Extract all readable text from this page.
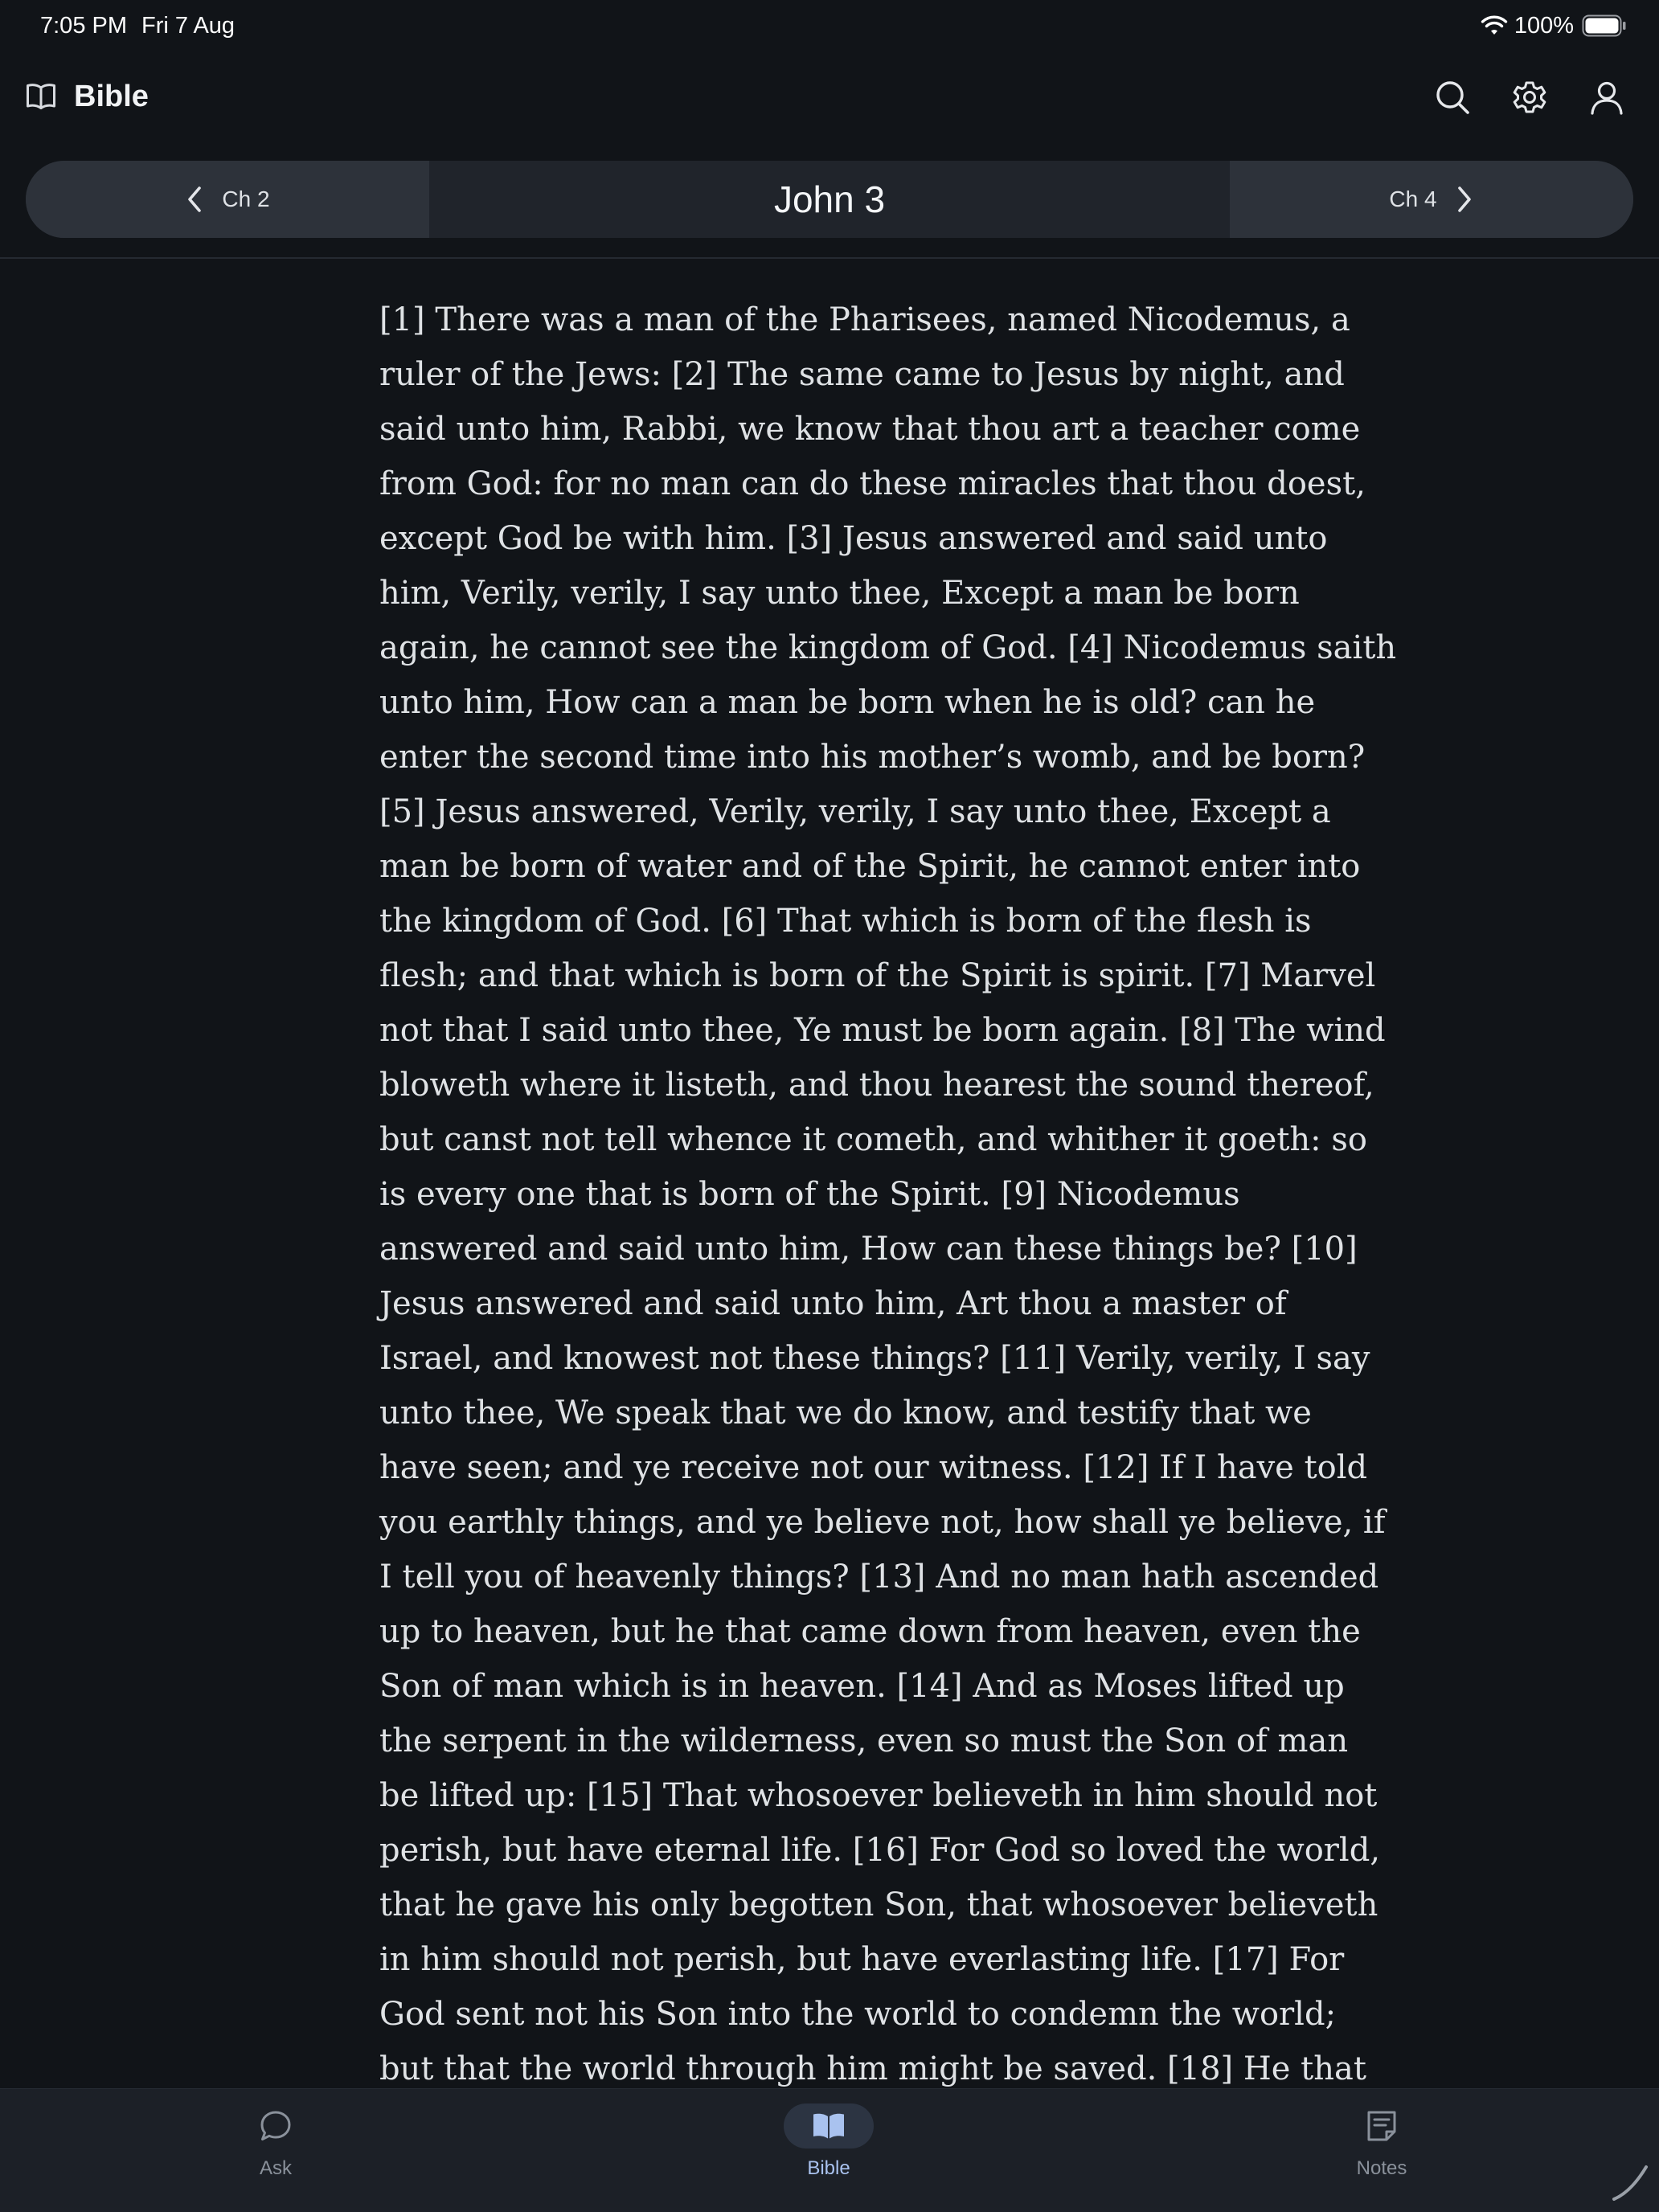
7:05 PM Fri 7 Aug	100%
Bible
Ch 2	John 3	Ch 4
[1] There was a man of the Pharisees, named Nicodemus, a
ruler of the Jews: [2] The same came to Jesus by night, and
said unto him, Rabbi, we know that thou art a teacher come
from God: for no man can do these miracles that thou doest,
except God be with him. [3] Jesus answered and said unto
him, Verily, verily, I say unto thee, Except a man be born
again, he cannot see the kingdom of God. [4] Nicodemus saith
unto him, How can a man be born when he is old? can he
enter the second time into his mother’s womb, and be born?
[5] Jesus answered, Verily, verily, I say unto thee, Except a
man be born of water and of the Spirit, he cannot enter into
the kingdom of God. [6] That which is born of the flesh is
flesh; and that which is born of the Spirit is spirit. [7] Marvel
not that I said unto thee, Ye must be born again. [8] The wind
bloweth where it listeth, and thou hearest the sound thereof,
but canst not tell whence it cometh, and whither it goeth: so
is every one that is born of the Spirit. [9] Nicodemus
answered and said unto him, How can these things be? [10]
Jesus answered and said unto him, Art thou a master of
Israel, and knowest not these things? [11] Verily, verily, I say
unto thee, We speak that we do know, and testify that we
have seen; and ye receive not our witness. [12] If I have told
you earthly things, and ye believe not, how shall ye believe, if
I tell you of heavenly things? [13] And no man hath ascended
up to heaven, but he that came down from heaven, even the
Son of man which is in heaven. [14] And as Moses lifted up
the serpent in the wilderness, even so must the Son of man
be lifted up: [15] That whosoever believeth in him should not
perish, but have eternal life. [16] For God so loved the world,
that he gave his only begotten Son, that whosoever believeth
in him should not perish, but have everlasting life. [17] For
God sent not his Son into the world to condemn the world;
but that the world through him might be saved. [18] He that
Ask	Bible	Notes
